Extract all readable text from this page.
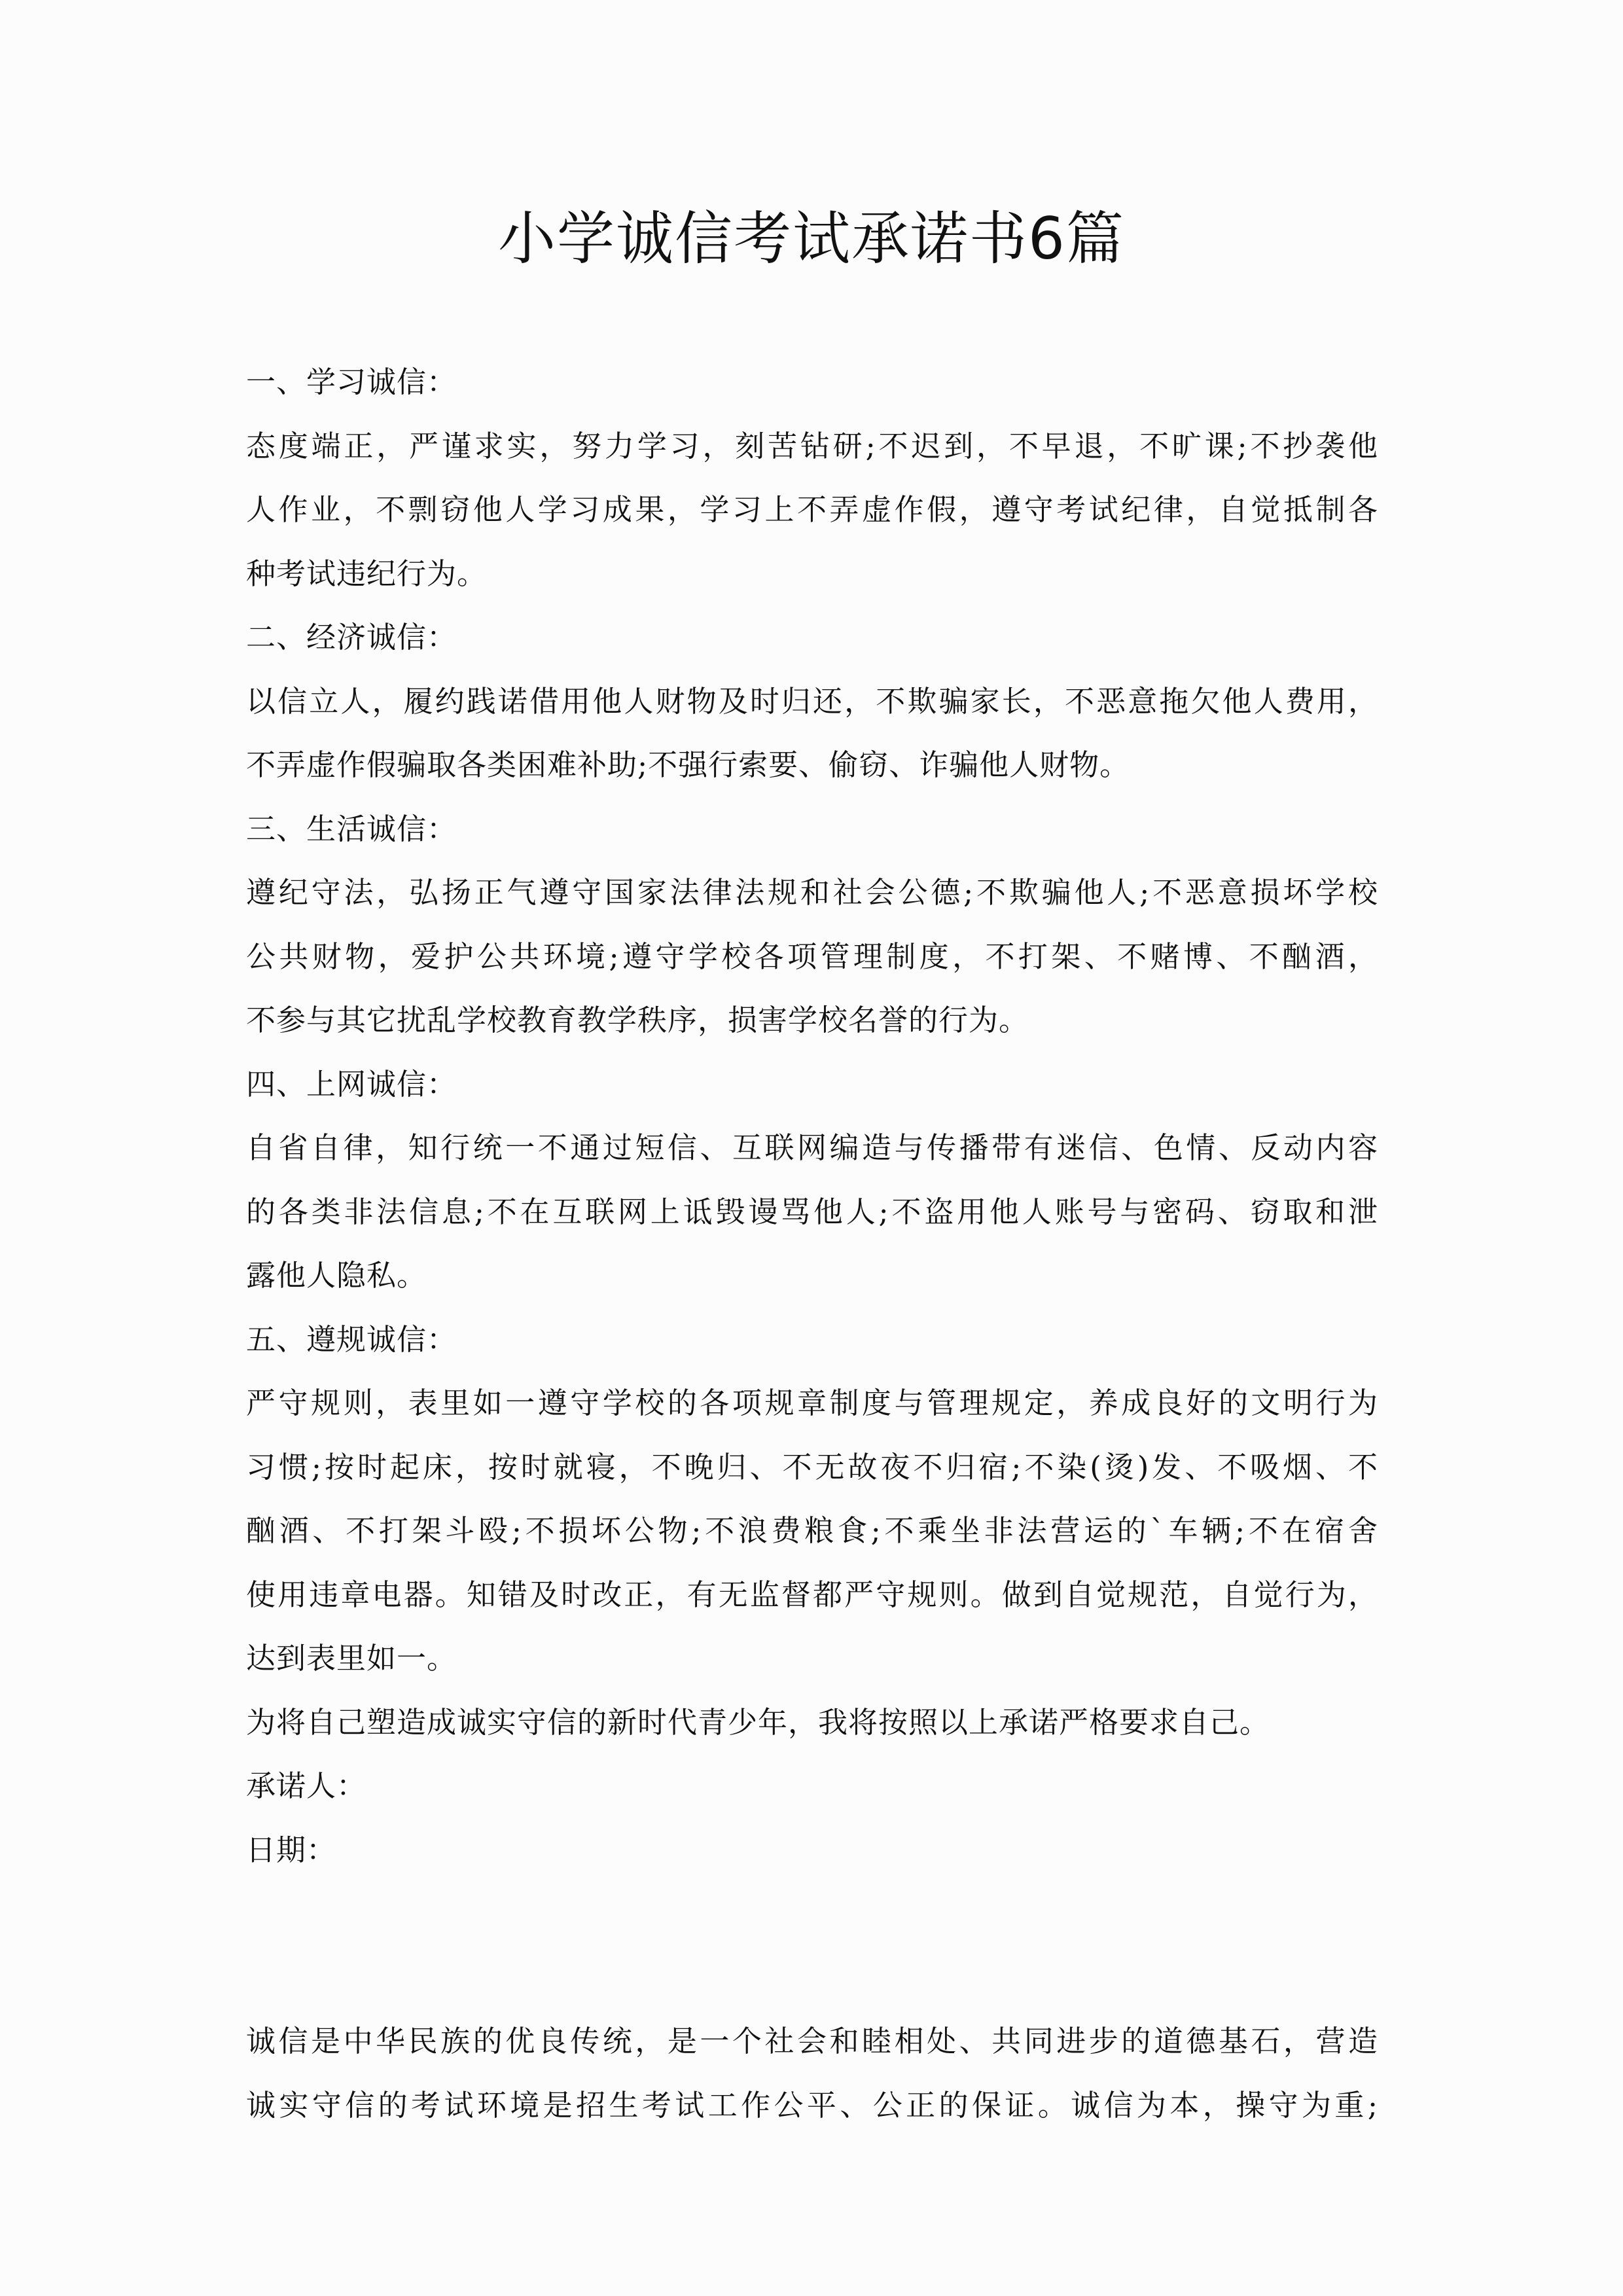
小学诚信考试承诺书6篇
一、学习诚信：
态度端正，严谨求实，努力学习，刻苦钻研;不迟到，不早退，不旷课;不抄袭他
人作业，不剽窃他人学习成果，学习上不弄虚作假，遵守考试纪律，自觉抵制各
种考试违纪行为。
二、经济诚信：
以信立人，履约践诺借用他人财物及时归还，不欺骗家长，不恶意拖欠他人费用，
不弄虚作假骗取各类困难补助;不强行索要、偷窃、诈骗他人财物。
三、生活诚信：
遵纪守法，弘扬正气遵守国家法律法规和社会公德;不欺骗他人;不恶意损坏学校
公共财物，爱护公共环境;遵守学校各项管理制度，不打架、不赌博、不酗酒，
不参与其它扰乱学校教育教学秩序，损害学校名誉的行为。
四、上网诚信：
自省自律，知行统一不通过短信、互联网编造与传播带有迷信、色情、反动内容
的各类非法信息;不在互联网上诋毁谩骂他人;不盗用他人账号与密码、窃取和泄
露他人隐私。
五、遵规诚信：
严守规则，表里如一遵守学校的各项规章制度与管理规定，养成良好的文明行为
习惯;按时起床，按时就寝，不晚归、不无故夜不归宿;不染(烫)发、不吸烟、不
酗酒、不打架斗殴;不损坏公物;不浪费粮食;不乘坐非法营运的`车辆;不在宿舍
使用违章电器。知错及时改正，有无监督都严守规则。做到自觉规范，自觉行为，
达到表里如一。
为将自己塑造成诚实守信的新时代青少年，我将按照以上承诺严格要求自己。
承诺人：
日期：
诚信是中华民族的优良传统，是一个社会和睦相处、共同进步的道德基石，营造
诚实守信的考试环境是招生考试工作公平、公正的保证。诚信为本，操守为重;
